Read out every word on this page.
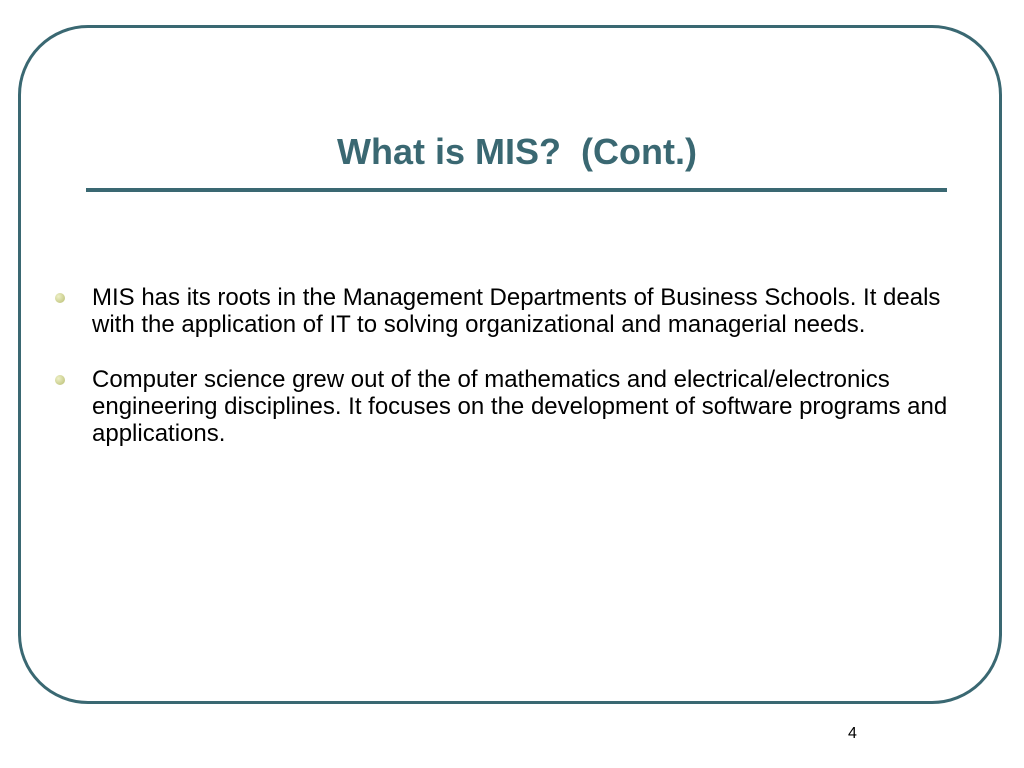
What is MIS?  (Cont.)
MIS has its roots in the Management Departments of Business Schools. It deals with the application of IT to solving organizational and managerial needs.
Computer science grew out of the of mathematics and electrical/electronics engineering disciplines. It focuses on the development of software programs and applications.
4
